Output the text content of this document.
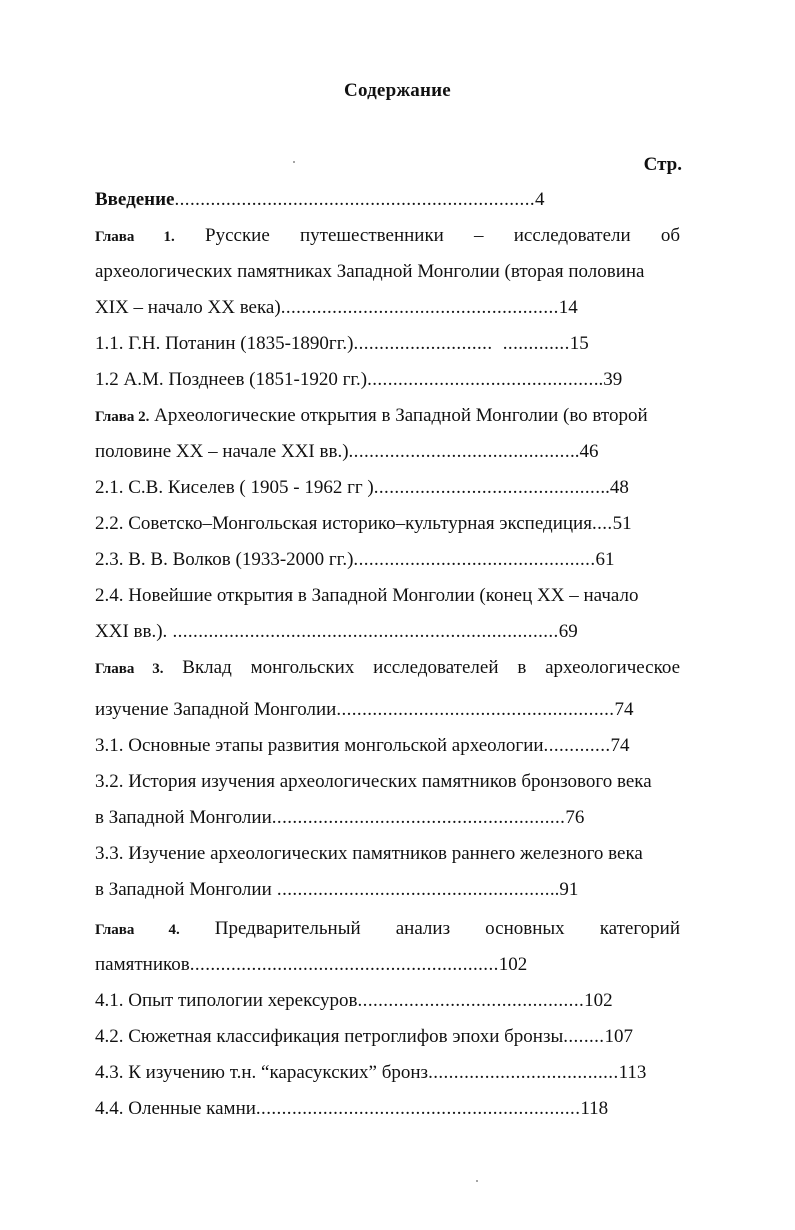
Содержание
Стр.
Введение......................................................................4
Глава 1. Русские путешественники – исследователи об
археологических памятниках Западной Монголии (вторая половина
XIX – начало XX века)......................................................14
1.1. Г.Н. Потанин (1835-1890гг.)...........................  .............15
1.2 А.М. Позднеев (1851-1920 гг.)..............................................39
Глава 2. Археологические открытия в Западной Монголии (во второй
половине XX – начале XXI вв.).............................................46
2.1. С.В. Киселев ( 1905 - 1962 гг )..............................................48
2.2. Советско–Монгольская историко–культурная экспедиция....51
2.3. В. В. Волков (1933-2000 гг.)...............................................61
2.4. Новейшие открытия в Западной Монголии (конец XX – начало
XXI вв.). ...........................................................................69
Глава 3. Вклад монгольских исследователей в археологическое
изучение Западной Монголии......................................................74
3.1. Основные этапы развития монгольской археологии.............74
3.2. История изучения археологических памятников бронзового века
в Западной Монголии.........................................................76
3.3. Изучение археологических памятников раннего железного века
в Западной Монголии .......................................................91
Глава 4. Предварительный анализ основных категорий
памятников............................................................102
4.1. Опыт типологии херексуров............................................102
4.2. Сюжетная классификация петроглифов эпохи бронзы........107
4.3. К изучению т.н. “карасукских” бронз.....................................113
4.4. Оленные камни...............................................................118
